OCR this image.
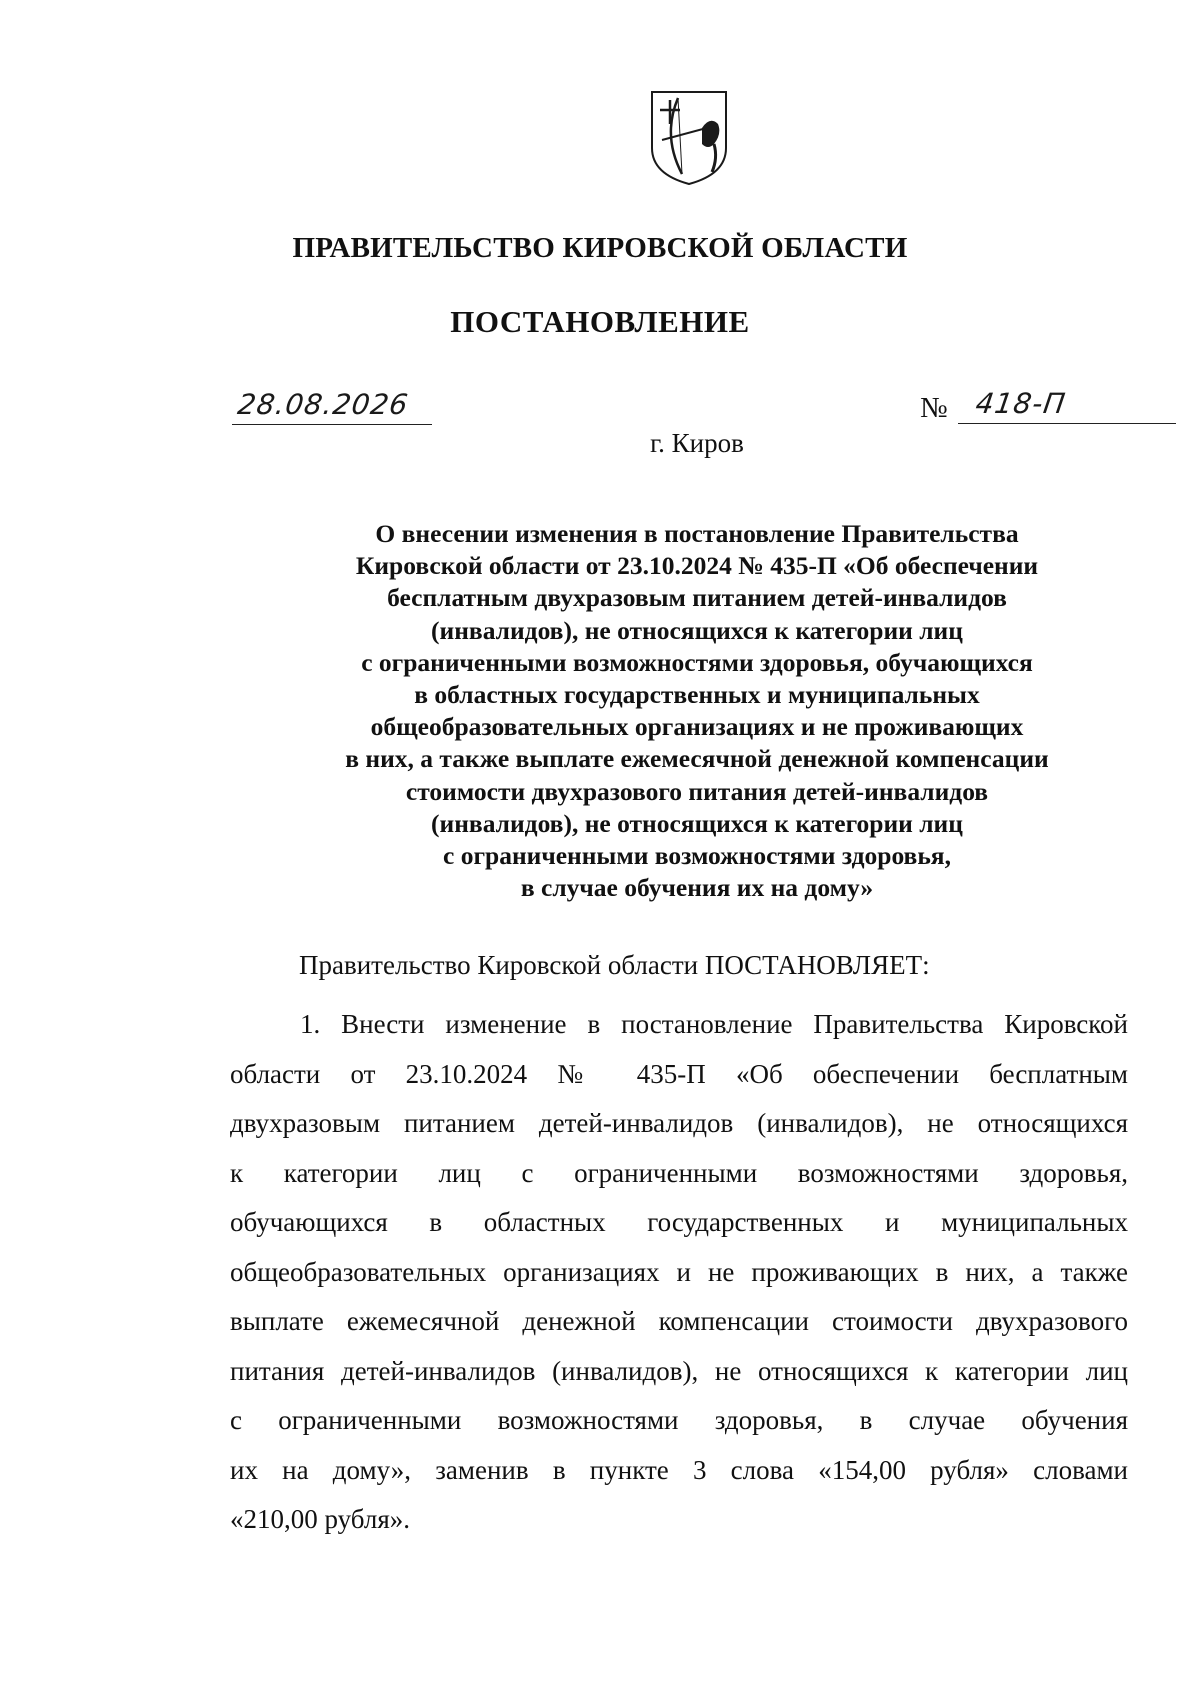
ПРАВИТЕЛЬСТВО КИРОВСКОЙ ОБЛАСТИ
ПОСТАНОВЛЕНИЕ
28.08.2026	№ 418-П
г. Киров
О внесении изменения в постановление Правительства
Кировской области от 23.10.2024 № 435-П «Об обеспечении
бесплатным двухразовым питанием детей-инвалидов
(инвалидов), не относящихся к категории лиц
с ограниченными возможностями здоровья, обучающихся
в областных государственных и муниципальных
общеобразовательных организациях и не проживающих
в них, а также выплате ежемесячной денежной компенсации
стоимости двухразового питания детей-инвалидов
(инвалидов), не относящихся к категории лиц
с ограниченными возможностями здоровья,
в случае обучения их на дому»
Правительство Кировской области ПОСТАНОВЛЯЕТ:
1. Внести изменение в постановление Правительства Кировской
области от 23.10.2024 № 435-П «Об обеспечении бесплатным
двухразовым питанием детей-инвалидов (инвалидов), не относящихся
к категории лиц с ограниченными возможностями здоровья,
обучающихся в областных государственных и муниципальных
общеобразовательных организациях и не проживающих в них, а также
выплате ежемесячной денежной компенсации стоимости двухразового
питания детей-инвалидов (инвалидов), не относящихся к категории лиц
с ограниченными возможностями здоровья, в случае обучения
их на дому», заменив в пункте 3 слова «154,00 рубля» словами
«210,00 рубля».
